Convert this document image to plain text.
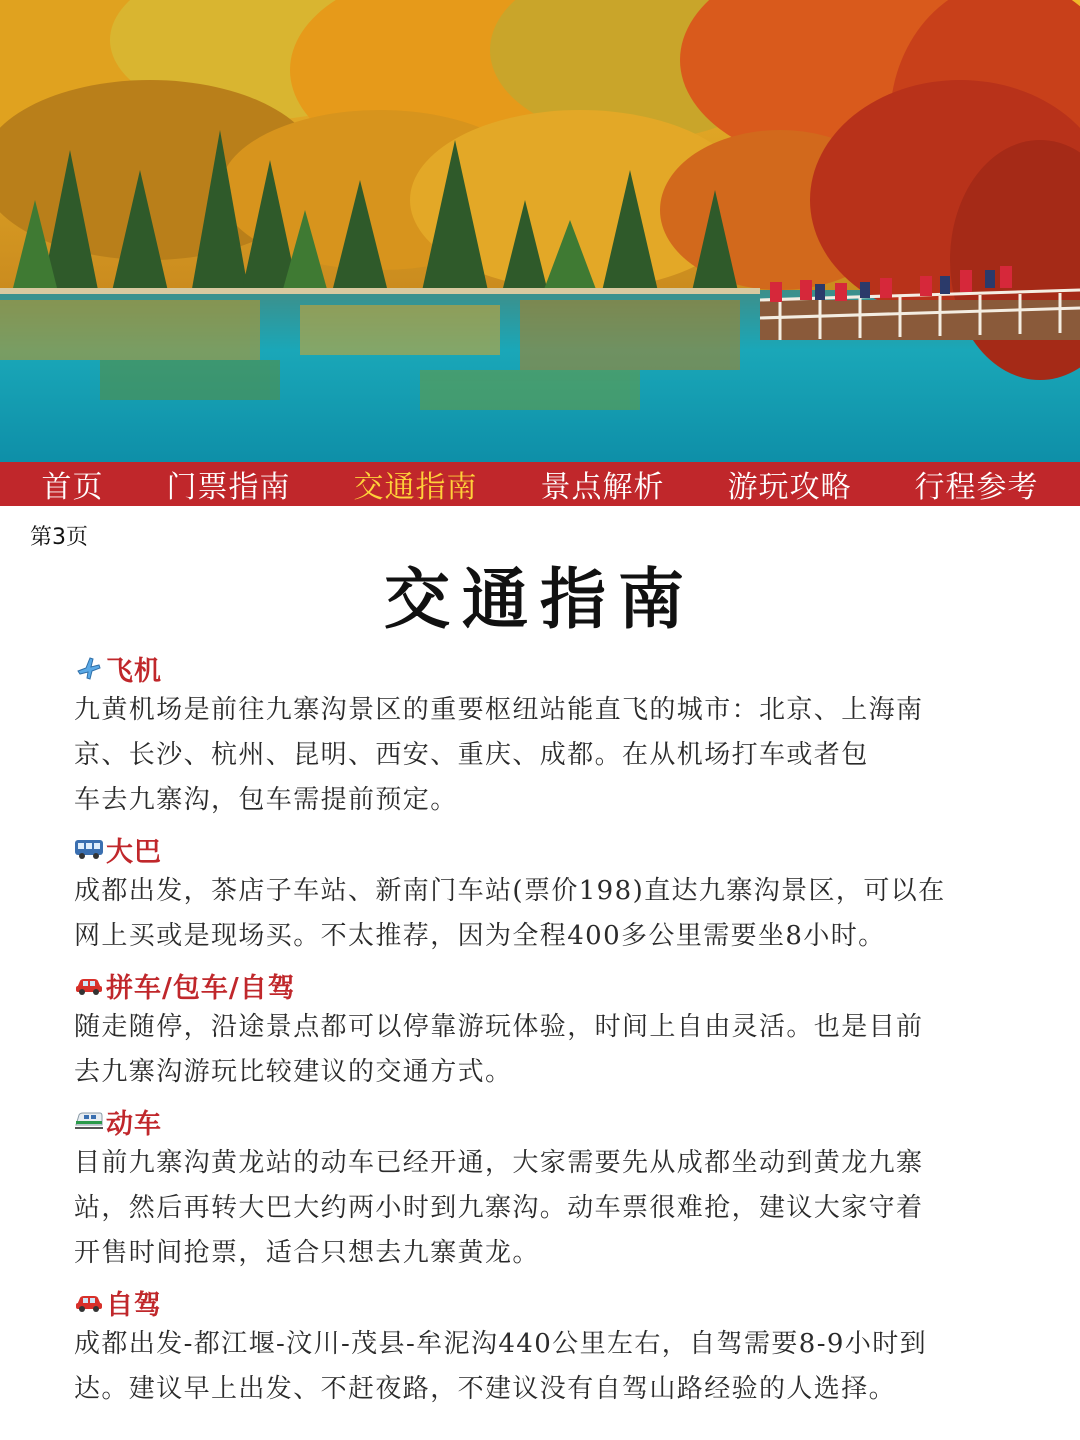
首页 门票指南 交通指南 景点解析 游玩攻略 行程参考
第3页
交通指南
飞机

九黄机场是前往九寨沟景区的重要枢纽站能直飞的城市：北京、上海南
京、长沙、杭州、昆明、西安、重庆、成都。在从机场打车或者包
车去九寨沟，包车需提前预定。

大巴

成都出发，茶店子车站、新南门车站(票价198)直达九寨沟景区，可以在
网上买或是现场买。不太推荐，因为全程400多公里需要坐8小时。

拼车/包车/自驾

随走随停，沿途景点都可以停靠游玩体验，时间上自由灵活。也是目前
去九寨沟游玩比较建议的交通方式。

动车

目前九寨沟黄龙站的动车已经开通，大家需要先从成都坐动到黄龙九寨
站，然后再转大巴大约两小时到九寨沟。动车票很难抢，建议大家守着
开售时间抢票，适合只想去九寨黄龙。

自驾

成都出发-都江堰-汶川-茂县-牟泥沟440公里左右，自驾需要8-9小时到
达。建议早上出发、不赶夜路，不建议没有自驾山路经验的人选择。
